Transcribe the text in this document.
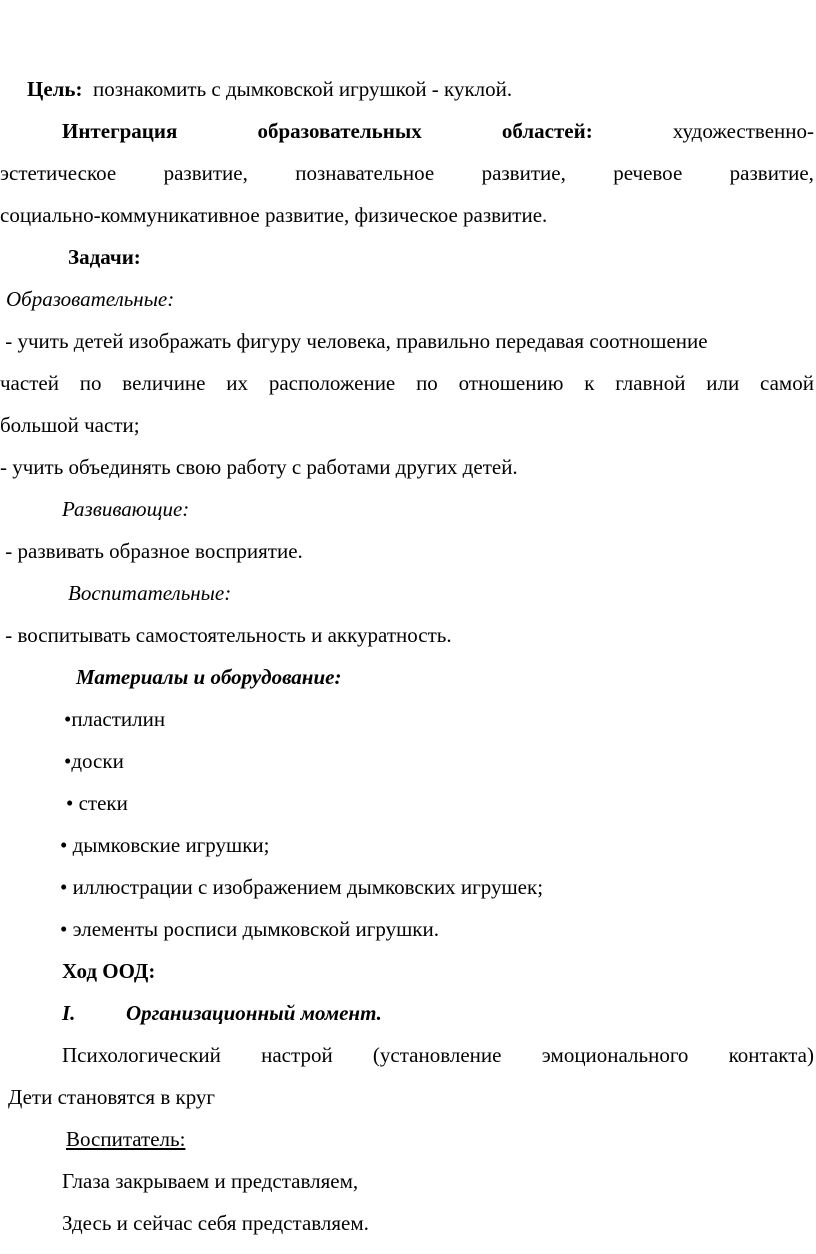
Цель: познакомить с дымковской игрушкой - куклой.
Интеграция	образовательных	областей:	художественно-
эстетическое развитие, познавательное развитие, речевое развитие,
социально-коммуникативное развитие, физическое развитие.
Задачи:
Образовательные:
- учить детей изображать фигуру человека, правильно передавая соотношение
частей по величине их расположение по отношению к главной или самой
большой части;
- учить объединять свою работу с работами других детей.
Развивающие:
- развивать образное восприятие.
Воспитательные:
- воспитывать самостоятельность и аккуратность.
Материалы и оборудование:
•пластилин
•доски
• стеки
• дымковские игрушки;
• иллюстрации с изображением дымковских игрушек;
• элементы росписи дымковской игрушки.
Ход ООД:
I. Организационный момент.
Психологический настрой (установление эмоционального контакта)
Дети становятся в круг
Воспитатель:
Глаза закрываем и представляем,
Здесь и сейчас себя представляем.
